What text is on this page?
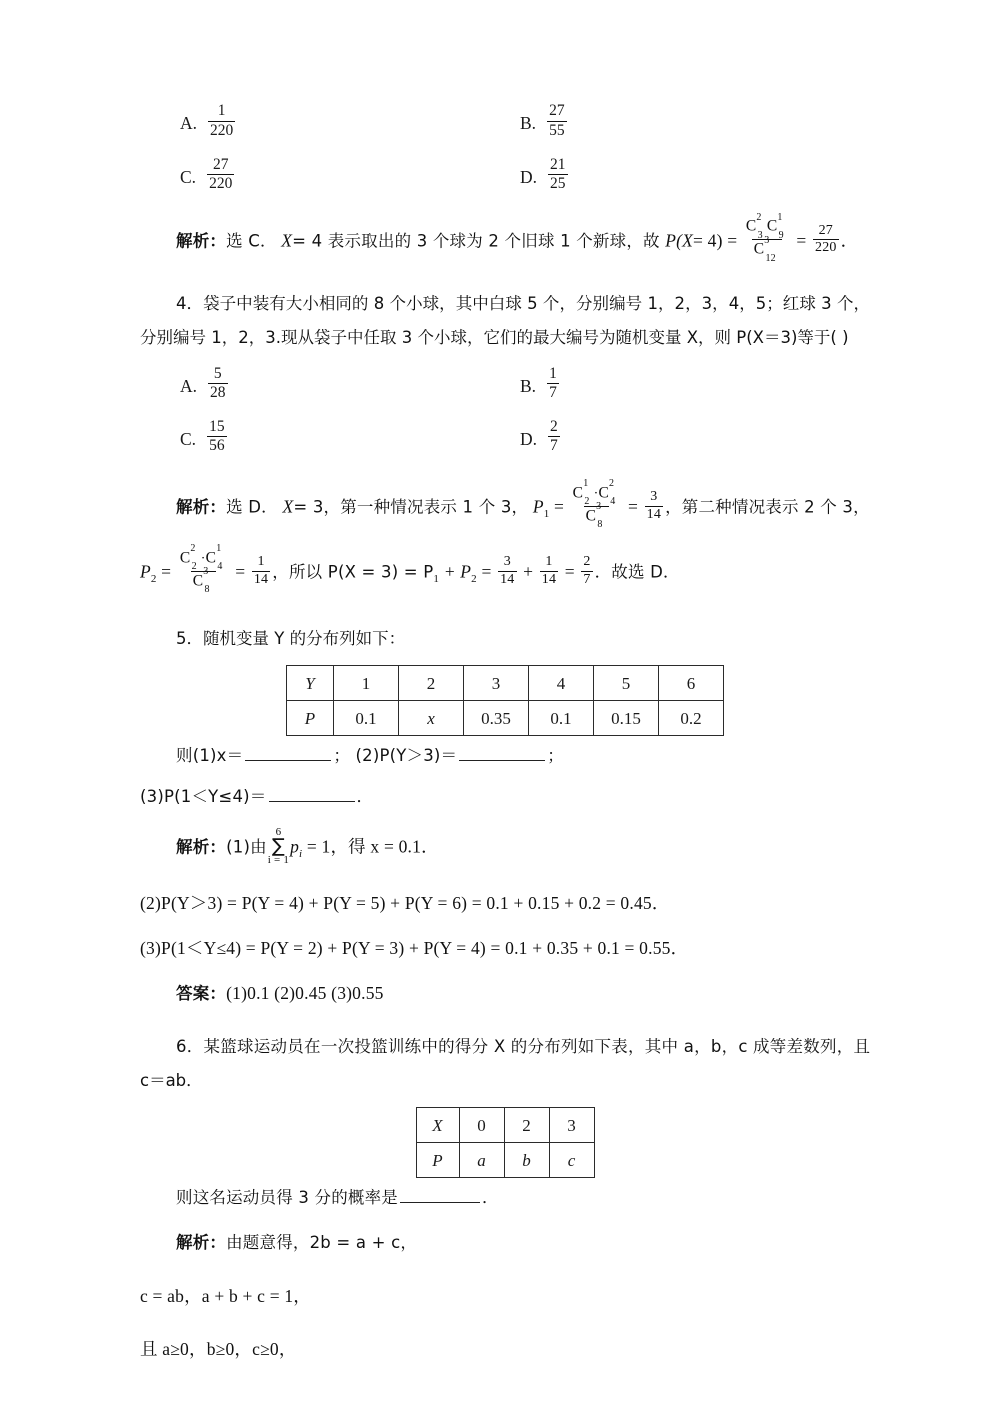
A. $\frac{1}{220}$	B. $\frac{27}{55}$
C. $\frac{27}{220}$	D. $\frac{21}{25}$
解析：选 C． X= 4 表示取出的 3 个球为 2 个旧球 1 个新球，故 $P(X= 4) = \frac{C^2_3C^1_9}{C^3_{12}} = \frac{27}{220}$ ．
4．袋子中装有大小相同的 8 个小球，其中白球 5 个，分别编号 1，2，3，4，5；红球 3 个，分别编号 1，2，3.现从袋子中任取 3 个小球，它们的最大编号为随机变量 X，则 P(X＝3)等于( )
A. $\frac{5}{28}$	B. $\frac{1}{7}$
C. $\frac{15}{56}$	D. $\frac{2}{7}$
解析：选 D． X= 3，第一种情况表示 1 个 3， $P_1 = \frac{C^1_2\cdot C^2_4}{C^3_8} = \frac{3}{14}$ ，第二种情况表示 2 个 3，
$P_2 = \frac{C^2_2\cdot C^1_4}{C^3_8} = \frac{1}{14}$ ，所以 $P(X = 3) = P_1 + P_2 = \frac{3}{14} + \frac{1}{14} = \frac{2}{7}$ ．故选 D．
5．随机变量 Y 的分布列如下：
Y	1	2	3	4	5	6
P	0.1	x	0.35	0.1	0.15	0.2
则(1)x＝	； (2)P(Y＞3)＝	；
(3)P(1＜Y≤4)＝	．
解析：(1)由
6
∑
i = 1
$p_i = 1$，得 x = 0.1．
(2)P(Y＞3) = P(Y = 4) + P(Y = 5) + P(Y = 6) = 0.1 + 0.15 + 0.2 = 0.45．
(3)P(1＜Y≤4) = P(Y = 2) + P(Y = 3) + P(Y = 4) = 0.1 + 0.35 + 0.1 = 0.55．
答案：(1)0.1 (2)0.45 (3)0.55
6．某篮球运动员在一次投篮训练中的得分 X 的分布列如下表，其中 a，b，c 成等差数列，且 c＝ab．
X	0	2	3
P	a	b	c
则这名运动员得 3 分的概率是	．
解析：由题意得，2b = a + c，
c = ab，a + b + c = 1，
且 a≥0，b≥0，c≥0，
